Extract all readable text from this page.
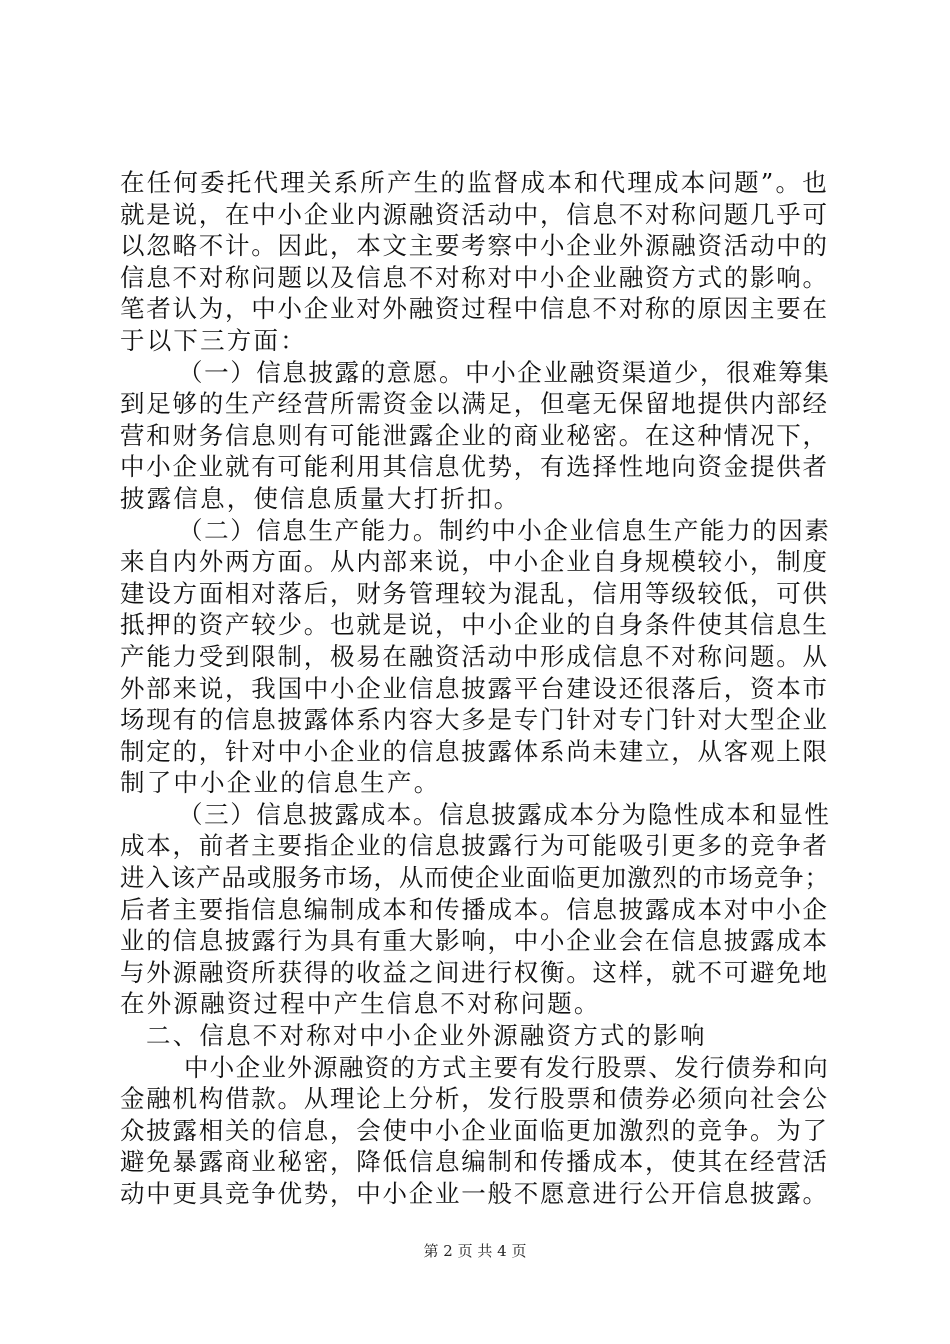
在任何委托代理关系所产生的监督成本和代理成本问题”。也
就是说，在中小企业内源融资活动中，信息不对称问题几乎可
以忽略不计。因此，本文主要考察中小企业外源融资活动中的
信息不对称问题以及信息不对称对中小企业融资方式的影响。
笔者认为，中小企业对外融资过程中信息不对称的原因主要在
于以下三方面：
（一）信息披露的意愿。中小企业融资渠道少，很难筹集
到足够的生产经营所需资金以满足，但毫无保留地提供内部经
营和财务信息则有可能泄露企业的商业秘密。在这种情况下，
中小企业就有可能利用其信息优势，有选择性地向资金提供者
披露信息，使信息质量大打折扣。
（二）信息生产能力。制约中小企业信息生产能力的因素
来自内外两方面。从内部来说，中小企业自身规模较小，制度
建设方面相对落后，财务管理较为混乱，信用等级较低，可供
抵押的资产较少。也就是说，中小企业的自身条件使其信息生
产能力受到限制，极易在融资活动中形成信息不对称问题。从
外部来说，我国中小企业信息披露平台建设还很落后，资本市
场现有的信息披露体系内容大多是专门针对专门针对大型企业
制定的，针对中小企业的信息披露体系尚未建立，从客观上限
制了中小企业的信息生产。
（三）信息披露成本。信息披露成本分为隐性成本和显性
成本，前者主要指企业的信息披露行为可能吸引更多的竞争者
进入该产品或服务市场，从而使企业面临更加激烈的市场竞争；
后者主要指信息编制成本和传播成本。信息披露成本对中小企
业的信息披露行为具有重大影响，中小企业会在信息披露成本
与外源融资所获得的收益之间进行权衡。这样，就不可避免地
在外源融资过程中产生信息不对称问题。
二、信息不对称对中小企业外源融资方式的影响
中小企业外源融资的方式主要有发行股票、发行债券和向
金融机构借款。从理论上分析，发行股票和债券必须向社会公
众披露相关的信息，会使中小企业面临更加激烈的竞争。为了
避免暴露商业秘密，降低信息编制和传播成本，使其在经营活
动中更具竞争优势，中小企业一般不愿意进行公开信息披露。
第 2 页 共 4 页
